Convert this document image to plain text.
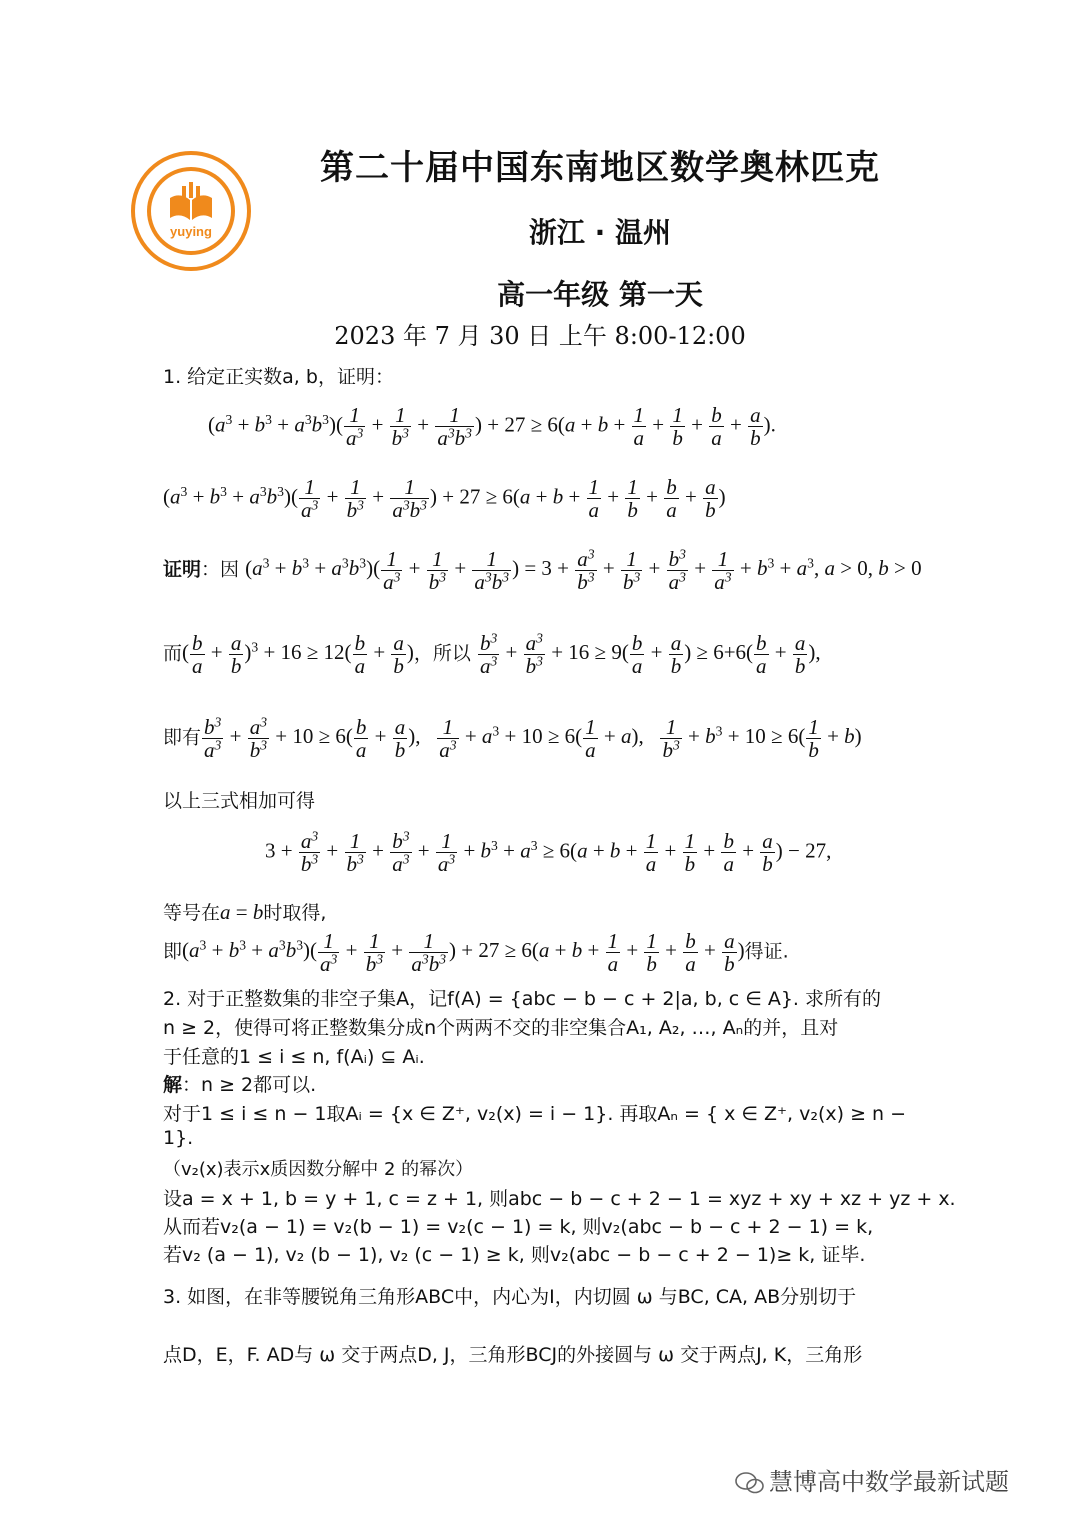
yuying
第二十届中国东南地区数学奥林匹克
浙江 · 温州
高一年级 第一天
2023 年 7 月 30 日 上午 8:00-12:00
1. 给定正实数a, b，证明：
$(a^3 + b^3 + a^3b^3)( \frac{1}{a^3} + \frac{1}{b^3} + \frac{1}{a^3b^3}$ ) + $27 \ge 6(a + b + \frac{1}{a} + \frac{1}{b} + \frac{b}{a} + \frac{a}{b}$ ).
$(a^3 + b^3 + a^3b^3)( \frac{1}{a^3} + \frac{1}{b^3} + \frac{1}{a^3b^3}$ ) + $27 \ge 6(a + b + \frac{1}{a} + \frac{1}{b} + \frac{b}{a} + \frac{a}{b}$ )
证明：因 $(a^3 + b^3 + a^3b^3)( \frac{1}{a^3} + \frac{1}{b^3} + \frac{1}{a^3b^3}$ ) = $3 + \frac{a^3}{b^3} + \frac{1}{b^3} + \frac{b^3}{a^3} + \frac{1}{a^3} + b^3 + a^3$, a > 0, b > 0
而( $\frac{b}{a} + \frac{a}{b} )^3 + 16 \ge 12( \frac{b}{a} + \frac{a}{b}$ )，所以 $\frac{b^3}{a^3} + \frac{a^3}{b^3} + 16 \ge 9( \frac{b}{a} + \frac{a}{b}$ ) ≥ $6+6( \frac{b}{a} + \frac{a}{b}$ ),
即有 $\frac{b^3}{a^3} + \frac{a^3}{b^3} + 10 \ge 6( \frac{b}{a} + \frac{a}{b}$ ), $\frac{1}{a^3} + a^3 + 10 \ge 6( \frac{1}{a} + a)$, $\frac{1}{b^3} + b^3 + 10 \ge 6( \frac{1}{b} + b)$
以上三式相加可得
$3 + \frac{a^3}{b^3} + \frac{1}{b^3} + \frac{b^3}{a^3} + \frac{1}{a^3} + b^3 + a^3 \ge 6(a + b + \frac{1}{a} + \frac{1}{b} + \frac{b}{a} + \frac{a}{b}$ ) − 27,
等号在a = b时取得,
即$(a^3 + b^3 + a^3b^3)( \frac{1}{a^3} + \frac{1}{b^3} + \frac{1}{a^3b^3}$ ) + $27 \ge 6(a + b + \frac{1}{a} + \frac{1}{b} + \frac{b}{a} + \frac{a}{b}$ )得证.
2. 对于正整数集的非空子集A，记f(A) = {abc − b − c + 2|a, b, c ∈ A}. 求所有的
n ≥ 2，使得可将正整数集分成n个两两不交的非空集合A₁, A₂, …, Aₙ的并，且对
于任意的1 ≤ i ≤ n, f(Aᵢ) ⊆ Aᵢ.
解：n ≥ 2都可以.
对于1 ≤ i ≤ n − 1取Aᵢ = {x ∈ Z⁺, v₂(x) = i − 1}. 再取Aₙ = { x ∈ Z⁺, v₂(x) ≥ n −
1}.
（v₂(x)表示x质因数分解中 2 的幂次）
设a = x + 1, b = y + 1, c = z + 1, 则abc − b − c + 2 − 1 = xyz + xy + xz + yz + x.
从而若v₂(a − 1) = v₂(b − 1) = v₂(c − 1) = k, 则v₂(abc − b − c + 2 − 1) = k,
若v₂ (a − 1), v₂ (b − 1), v₂ (c − 1) ≥ k, 则v₂(abc − b − c + 2 − 1)≥ k, 证毕.
3. 如图，在非等腰锐角三角形ABC中，内心为I，内切圆 ω 与BC, CA, AB分别切于
点D，E，F. AD与 ω 交于两点D, J，三角形BCJ的外接圆与 ω 交于两点J, K，三角形
慧博高中数学最新试题
